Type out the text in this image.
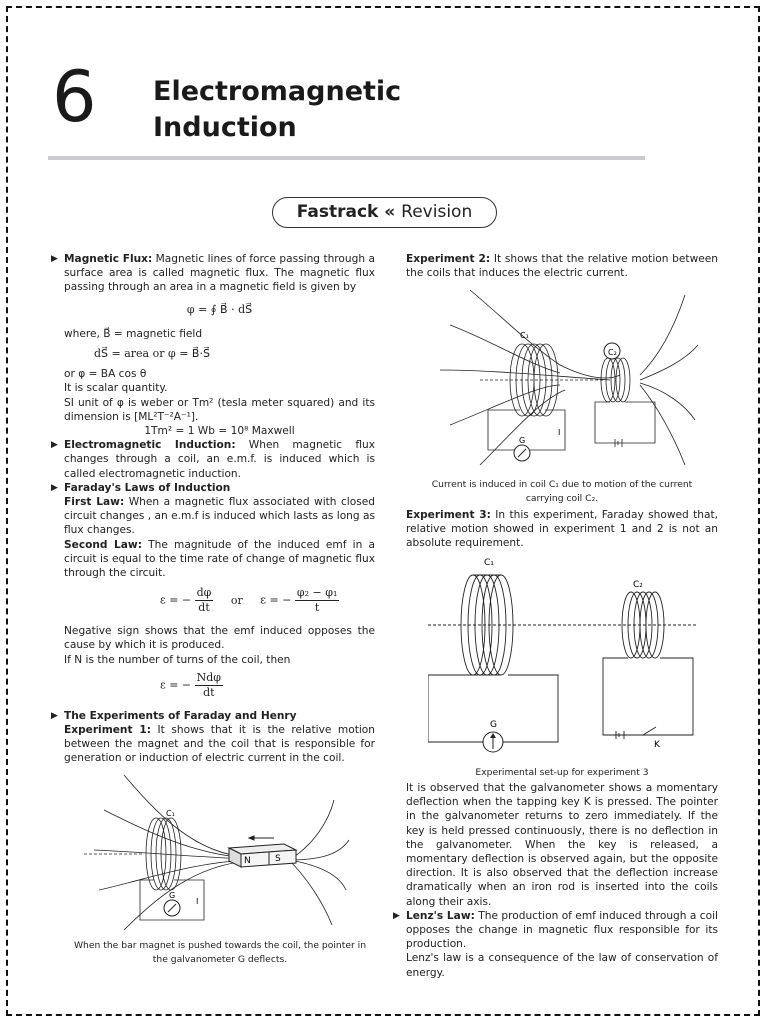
6 Electromagnetic
Induction
Fastrack « Revision

▶ Magnetic Flux: Magnetic lines of force passing through a surface area is called magnetic flux. The magnetic flux passing through an area in a magnetic field is given by

φ = ∮ B⃗ · dS⃗

where, B⃗ = magnetic field

dS⃗ = area or φ = B⃗·S⃗

or φ = BA cos θ

It is scalar quantity.

SI unit of φ is weber or Tm² (tesla meter squared) and its dimension is [ML²T⁻²A⁻¹].

1Tm² = 1 Wb = 10⁸ Maxwell

▶ Electromagnetic Induction: When magnetic flux changes through a coil, an e.m.f. is induced which is called electromagnetic induction.

▶ Faraday's Laws of Induction

First Law: When a magnetic flux associated with closed circuit changes , an e.m.f is induced which lasts as long as flux changes.

Second Law: The magnitude of the induced emf in a circuit is equal to the time rate of change of magnetic flux through the circuit.

ε = − $\frac{d\varphi}{dt}$ or ε = − $\frac{\text{φ₂ − φ₁}}{t}$

Negative sign shows that the emf induced opposes the cause by which it is produced.

If N is the number of turns of the coil, then

ε = − $\frac{\text{Ndφ}}{dt}$

▶ The Experiments of Faraday and Henry

Experiment 1: It shows that it is the relative motion between the magnet and the coil that is responsible for generation or induction of electric current in the coil.

N	S
C₁
G
I
When the bar magnet is pushed towards the coil, the pointer in
the galvanometer G deflects.
Experiment 2: It shows that the relative motion between the coils that induces the electric current.
C₁
C₂
G
I
Current is induced in coil C₁ due to motion of the current
carrying coil C₂.
Experiment 3: In this experiment, Faraday showed that, relative motion showed in experiment 1 and 2 is not an absolute requirement.
G
C₁
C₂
K
Experimental set-up for experiment 3

It is observed that the galvanometer shows a momentary deflection when the tapping key K is pressed. The pointer in the galvanometer returns to zero immediately. If the key is held pressed continuously, there is no deflection in the galvanometer. When the key is released, a momentary deflection is observed again, but the opposite direction. It is also observed that the deflection increase dramatically when an iron rod is inserted into the coils along their axis.

▶ Lenz's Law: The production of emf induced through a coil opposes the change in magnetic flux responsible for its production.

Lenz's law is a consequence of the law of conservation of energy.
